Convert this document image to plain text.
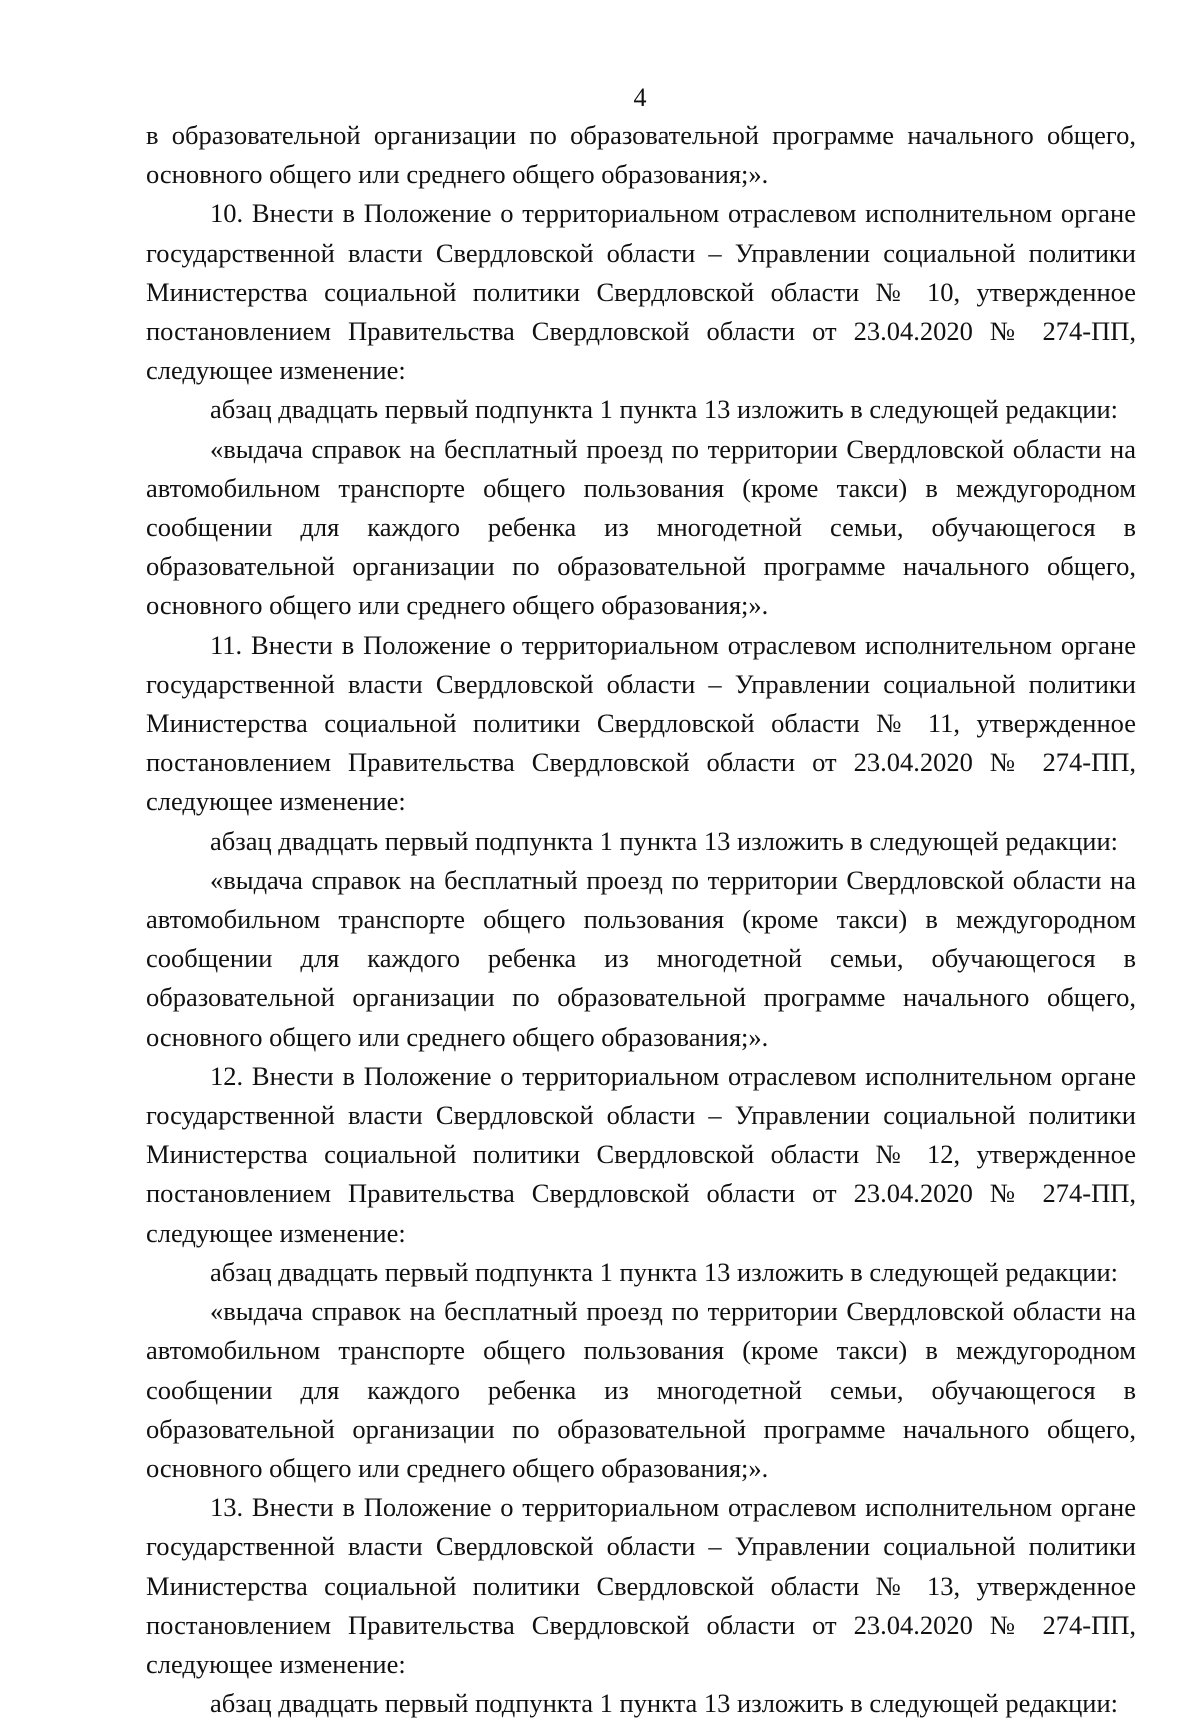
4

в образовательной организации по образовательной программе начального общего, основного общего или среднего общего образования;».

10. Внести в Положение о территориальном отраслевом исполнительном органе государственной власти Свердловской области – Управлении социальной политики Министерства социальной политики Свердловской области № 10, утвержденное постановлением Правительства Свердловской области от 23.04.2020 № 274-ПП, следующее изменение:

абзац двадцать первый подпункта 1 пункта 13 изложить в следующей редакции:

«выдача справок на бесплатный проезд по территории Свердловской области на автомобильном транспорте общего пользования (кроме такси) в междугородном сообщении для каждого ребенка из многодетной семьи, обучающегося в образовательной организации по образовательной программе начального общего, основного общего или среднего общего образования;».

11. Внести в Положение о территориальном отраслевом исполнительном органе государственной власти Свердловской области – Управлении социальной политики Министерства социальной политики Свердловской области № 11, утвержденное постановлением Правительства Свердловской области от 23.04.2020 № 274-ПП, следующее изменение:

абзац двадцать первый подпункта 1 пункта 13 изложить в следующей редакции:

«выдача справок на бесплатный проезд по территории Свердловской области на автомобильном транспорте общего пользования (кроме такси) в междугородном сообщении для каждого ребенка из многодетной семьи, обучающегося в образовательной организации по образовательной программе начального общего, основного общего или среднего общего образования;».

12. Внести в Положение о территориальном отраслевом исполнительном органе государственной власти Свердловской области – Управлении социальной политики Министерства социальной политики Свердловской области № 12, утвержденное постановлением Правительства Свердловской области от 23.04.2020 № 274-ПП, следующее изменение:

абзац двадцать первый подпункта 1 пункта 13 изложить в следующей редакции:

«выдача справок на бесплатный проезд по территории Свердловской области на автомобильном транспорте общего пользования (кроме такси) в междугородном сообщении для каждого ребенка из многодетной семьи, обучающегося в образовательной организации по образовательной программе начального общего, основного общего или среднего общего образования;».

13. Внести в Положение о территориальном отраслевом исполнительном органе государственной власти Свердловской области – Управлении социальной политики Министерства социальной политики Свердловской области № 13, утвержденное постановлением Правительства Свердловской области от 23.04.2020 № 274-ПП, следующее изменение:

абзац двадцать первый подпункта 1 пункта 13 изложить в следующей редакции:
